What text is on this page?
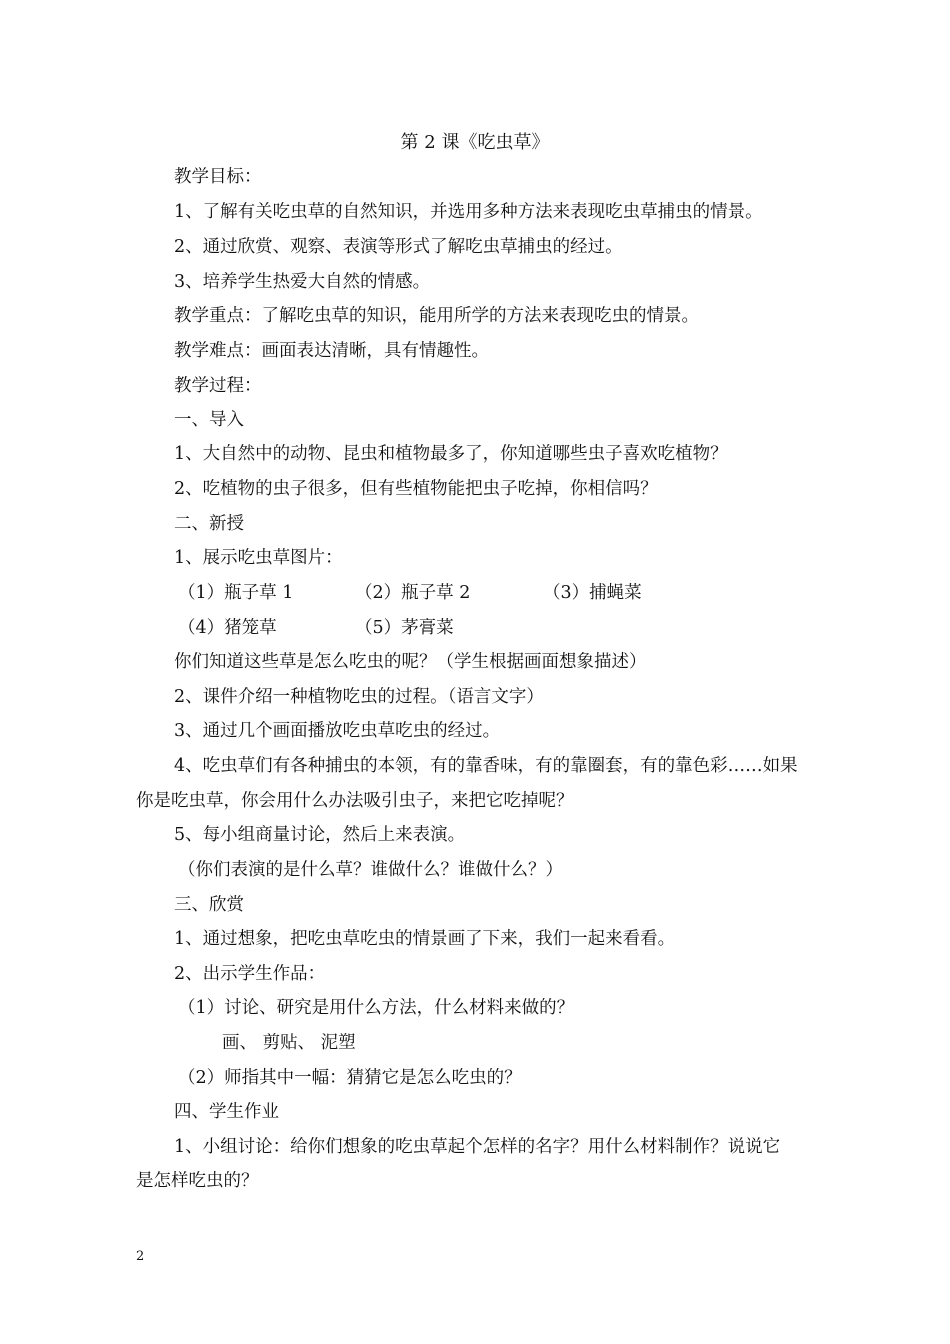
第 2 课《吃虫草》
教学目标：
1、了解有关吃虫草的自然知识，并选用多种方法来表现吃虫草捕虫的情景。
2、通过欣赏、观察、表演等形式了解吃虫草捕虫的经过。
3、培养学生热爱大自然的情感。
教学重点：了解吃虫草的知识，能用所学的方法来表现吃虫的情景。
教学难点：画面表达清晰，具有情趣性。
教学过程：
一、导入
1、大自然中的动物、昆虫和植物最多了，你知道哪些虫子喜欢吃植物？
2、吃植物的虫子很多，但有些植物能把虫子吃掉，你相信吗？
二、新授
1、展示吃虫草图片：
（1）瓶子草 1	（2）瓶子草 2	（3）捕蝇菜
（4）猪笼草	（5）茅膏菜
你们知道这些草是怎么吃虫的呢？（学生根据画面想象描述）
2、课件介绍一种植物吃虫的过程。（语言文字）
3、通过几个画面播放吃虫草吃虫的经过。
4、吃虫草们有各种捕虫的本领，有的靠香味，有的靠圈套，有的靠色彩……如果
你是吃虫草，你会用什么办法吸引虫子，来把它吃掉呢？
5、每小组商量讨论，然后上来表演。
（你们表演的是什么草？谁做什么？谁做什么？）
三、欣赏
1、通过想象，把吃虫草吃虫的情景画了下来，我们一起来看看。
2、出示学生作品：
（1）讨论、研究是用什么方法，什么材料来做的？
画、 剪贴、 泥塑
（2）师指其中一幅：猜猜它是怎么吃虫的？
四、学生作业
1、小组讨论：给你们想象的吃虫草起个怎样的名字？用什么材料制作？说说它
是怎样吃虫的？
2
